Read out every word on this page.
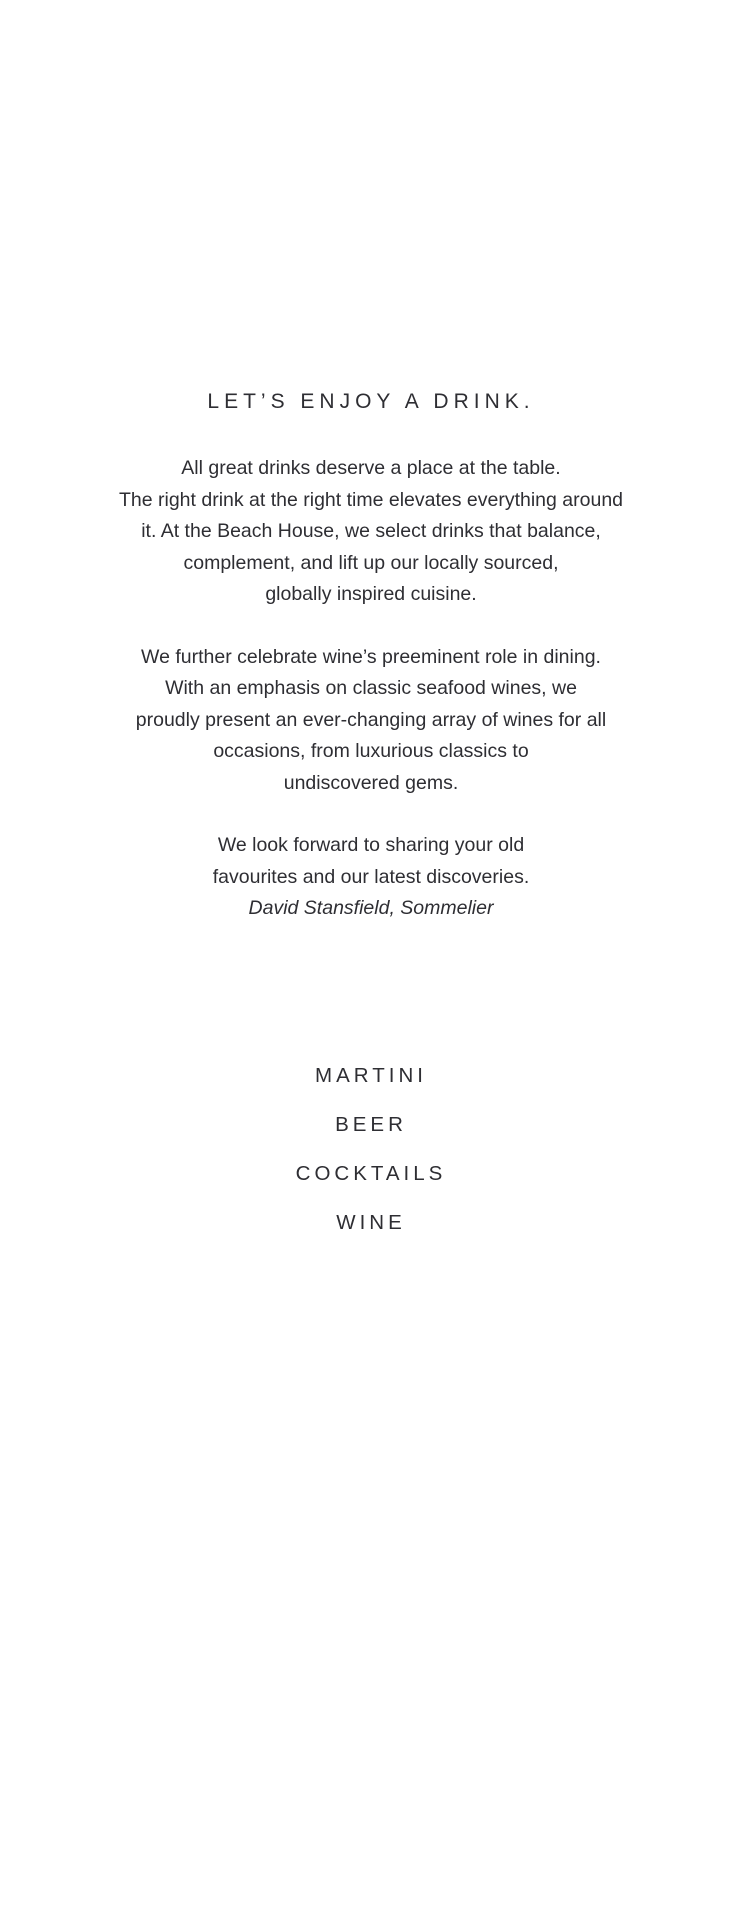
LET’S ENJOY A DRINK.

All great drinks deserve a place at the table.
The right drink at the right time elevates everything around
it. At the Beach House, we select drinks that balance,
complement, and lift up our locally sourced,
globally inspired cuisine.

We further celebrate wine’s preeminent role in dining.
With an emphasis on classic seafood wines, we
proudly present an ever-changing array of wines for all
occasions, from luxurious classics to
undiscovered gems.

We look forward to sharing your old
favourites and our latest discoveries.

David Stansfield, Sommelier

MARTINI
BEER
COCKTAILS
WINE
